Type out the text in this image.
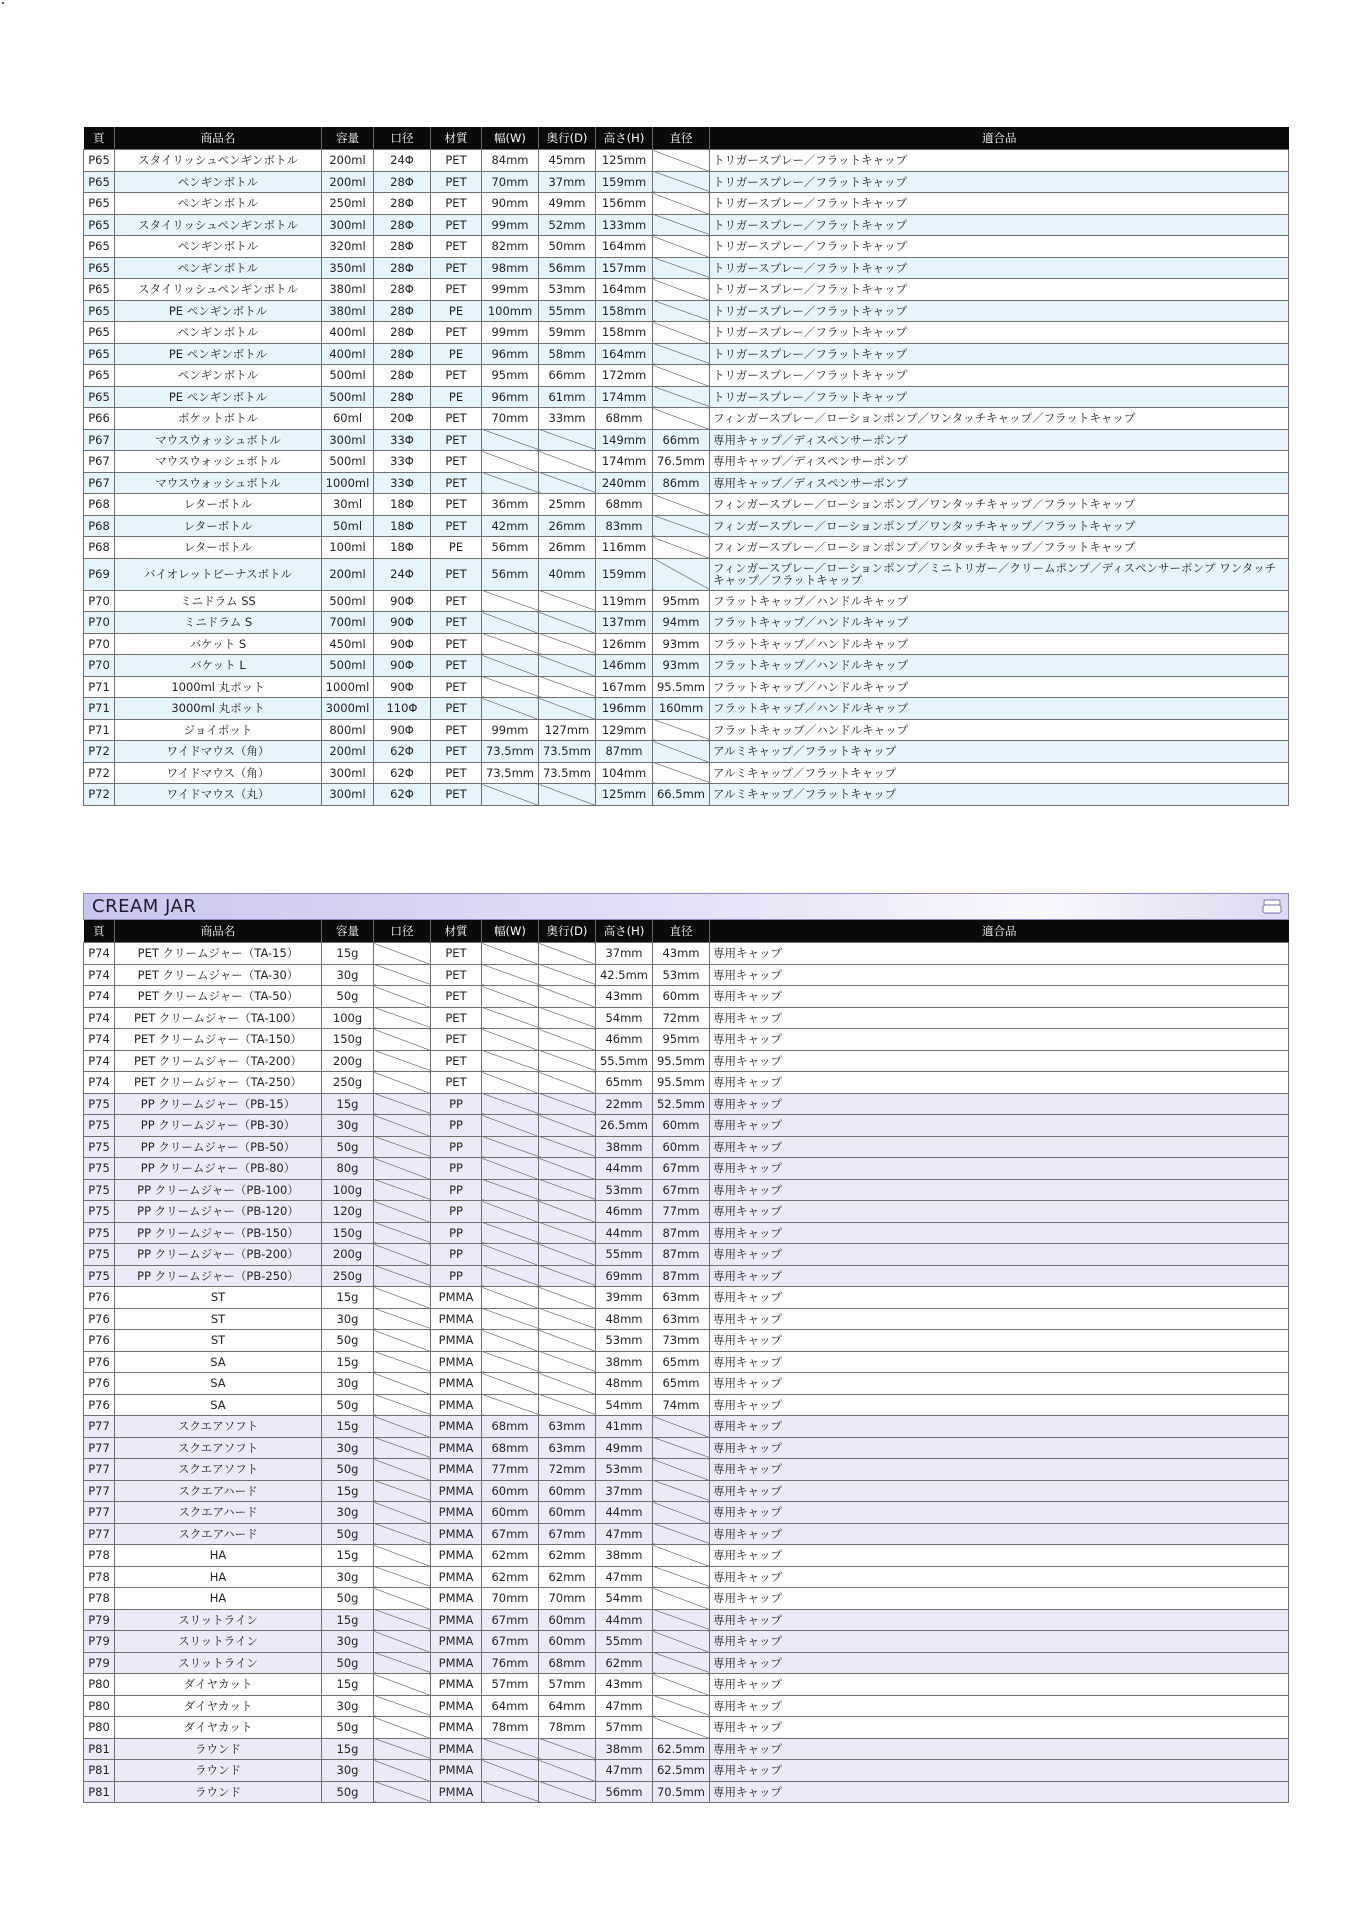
頁	商品名	容量	口径	材質	幅(W)	奥行(D)	高さ(H)	直径	適合品
P65	スタイリッシュペンギンボトル	200ml	24Φ	PET	84mm	45mm	125mm		トリガースプレー／フラットキャップ
P65	ペンギンボトル	200ml	28Φ	PET	70mm	37mm	159mm		トリガースプレー／フラットキャップ
P65	ペンギンボトル	250ml	28Φ	PET	90mm	49mm	156mm		トリガースプレー／フラットキャップ
P65	スタイリッシュペンギンボトル	300ml	28Φ	PET	99mm	52mm	133mm		トリガースプレー／フラットキャップ
P65	ペンギンボトル	320ml	28Φ	PET	82mm	50mm	164mm		トリガースプレー／フラットキャップ
P65	ペンギンボトル	350ml	28Φ	PET	98mm	56mm	157mm		トリガースプレー／フラットキャップ
P65	スタイリッシュペンギンボトル	380ml	28Φ	PET	99mm	53mm	164mm		トリガースプレー／フラットキャップ
P65	PE ペンギンボトル	380ml	28Φ	PE	100mm	55mm	158mm		トリガースプレー／フラットキャップ
P65	ペンギンボトル	400ml	28Φ	PET	99mm	59mm	158mm		トリガースプレー／フラットキャップ
P65	PE ペンギンボトル	400ml	28Φ	PE	96mm	58mm	164mm		トリガースプレー／フラットキャップ
P65	ペンギンボトル	500ml	28Φ	PET	95mm	66mm	172mm		トリガースプレー／フラットキャップ
P65	PE ペンギンボトル	500ml	28Φ	PE	96mm	61mm	174mm		トリガースプレー／フラットキャップ
P66	ポケットボトル	60ml	20Φ	PET	70mm	33mm	68mm		フィンガースプレー／ローションポンプ／ワンタッチキャップ／フラットキャップ
P67	マウスウォッシュボトル	300ml	33Φ	PET			149mm	66mm	専用キャップ／ディスペンサーポンプ
P67	マウスウォッシュボトル	500ml	33Φ	PET			174mm	76.5mm	専用キャップ／ディスペンサーポンプ
P67	マウスウォッシュボトル	1000ml	33Φ	PET			240mm	86mm	専用キャップ／ディスペンサーポンプ
P68	レターボトル	30ml	18Φ	PET	36mm	25mm	68mm		フィンガースプレー／ローションポンプ／ワンタッチキャップ／フラットキャップ
P68	レターボトル	50ml	18Φ	PET	42mm	26mm	83mm		フィンガースプレー／ローションポンプ／ワンタッチキャップ／フラットキャップ
P68	レターボトル	100ml	18Φ	PE	56mm	26mm	116mm		フィンガースプレー／ローションポンプ／ワンタッチキャップ／フラットキャップ
P69	バイオレットビーナスボトル	200ml	24Φ	PET	56mm	40mm	159mm		フィンガースプレー／ローションポンプ／ミニトリガー／クリームポンプ／ディスペンサーポンプ ワンタッチキャップ／フラットキャップ
P70	ミニドラム SS	500ml	90Φ	PET			119mm	95mm	フラットキャップ／ハンドルキャップ
P70	ミニドラム S	700ml	90Φ	PET			137mm	94mm	フラットキャップ／ハンドルキャップ
P70	バケット S	450ml	90Φ	PET			126mm	93mm	フラットキャップ／ハンドルキャップ
P70	バケット L	500ml	90Φ	PET			146mm	93mm	フラットキャップ／ハンドルキャップ
P71	1000ml 丸ポット	1000ml	90Φ	PET			167mm	95.5mm	フラットキャップ／ハンドルキャップ
P71	3000ml 丸ポット	3000ml	110Φ	PET			196mm	160mm	フラットキャップ／ハンドルキャップ
P71	ジョイポット	800ml	90Φ	PET	99mm	127mm	129mm		フラットキャップ／ハンドルキャップ
P72	ワイドマウス（角）	200ml	62Φ	PET	73.5mm	73.5mm	87mm		アルミキャップ／フラットキャップ
P72	ワイドマウス（角）	300ml	62Φ	PET	73.5mm	73.5mm	104mm		アルミキャップ／フラットキャップ
P72	ワイドマウス（丸）	300ml	62Φ	PET			125mm	66.5mm	アルミキャップ／フラットキャップ
CREAM JAR
頁	商品名	容量	口径	材質	幅(W)	奥行(D)	高さ(H)	直径	適合品
P74	PET クリームジャー（TA-15）	15g		PET			37mm	43mm	専用キャップ
P74	PET クリームジャー（TA-30）	30g		PET			42.5mm	53mm	専用キャップ
P74	PET クリームジャー（TA-50）	50g		PET			43mm	60mm	専用キャップ
P74	PET クリームジャー（TA-100）	100g		PET			54mm	72mm	専用キャップ
P74	PET クリームジャー（TA-150）	150g		PET			46mm	95mm	専用キャップ
P74	PET クリームジャー（TA-200）	200g		PET			55.5mm	95.5mm	専用キャップ
P74	PET クリームジャー（TA-250）	250g		PET			65mm	95.5mm	専用キャップ
P75	PP クリームジャー（PB-15）	15g		PP			22mm	52.5mm	専用キャップ
P75	PP クリームジャー（PB-30）	30g		PP			26.5mm	60mm	専用キャップ
P75	PP クリームジャー（PB-50）	50g		PP			38mm	60mm	専用キャップ
P75	PP クリームジャー（PB-80）	80g		PP			44mm	67mm	専用キャップ
P75	PP クリームジャー（PB-100）	100g		PP			53mm	67mm	専用キャップ
P75	PP クリームジャー（PB-120）	120g		PP			46mm	77mm	専用キャップ
P75	PP クリームジャー（PB-150）	150g		PP			44mm	87mm	専用キャップ
P75	PP クリームジャー（PB-200）	200g		PP			55mm	87mm	専用キャップ
P75	PP クリームジャー（PB-250）	250g		PP			69mm	87mm	専用キャップ
P76	ST	15g		PMMA			39mm	63mm	専用キャップ
P76	ST	30g		PMMA			48mm	63mm	専用キャップ
P76	ST	50g		PMMA			53mm	73mm	専用キャップ
P76	SA	15g		PMMA			38mm	65mm	専用キャップ
P76	SA	30g		PMMA			48mm	65mm	専用キャップ
P76	SA	50g		PMMA			54mm	74mm	専用キャップ
P77	スクエアソフト	15g		PMMA	68mm	63mm	41mm		専用キャップ
P77	スクエアソフト	30g		PMMA	68mm	63mm	49mm		専用キャップ
P77	スクエアソフト	50g		PMMA	77mm	72mm	53mm		専用キャップ
P77	スクエアハード	15g		PMMA	60mm	60mm	37mm		専用キャップ
P77	スクエアハード	30g		PMMA	60mm	60mm	44mm		専用キャップ
P77	スクエアハード	50g		PMMA	67mm	67mm	47mm		専用キャップ
P78	HA	15g		PMMA	62mm	62mm	38mm		専用キャップ
P78	HA	30g		PMMA	62mm	62mm	47mm		専用キャップ
P78	HA	50g		PMMA	70mm	70mm	54mm		専用キャップ
P79	スリットライン	15g		PMMA	67mm	60mm	44mm		専用キャップ
P79	スリットライン	30g		PMMA	67mm	60mm	55mm		専用キャップ
P79	スリットライン	50g		PMMA	76mm	68mm	62mm		専用キャップ
P80	ダイヤカット	15g		PMMA	57mm	57mm	43mm		専用キャップ
P80	ダイヤカット	30g		PMMA	64mm	64mm	47mm		専用キャップ
P80	ダイヤカット	50g		PMMA	78mm	78mm	57mm		専用キャップ
P81	ラウンド	15g		PMMA			38mm	62.5mm	専用キャップ
P81	ラウンド	30g		PMMA			47mm	62.5mm	専用キャップ
P81	ラウンド	50g		PMMA			56mm	70.5mm	専用キャップ
